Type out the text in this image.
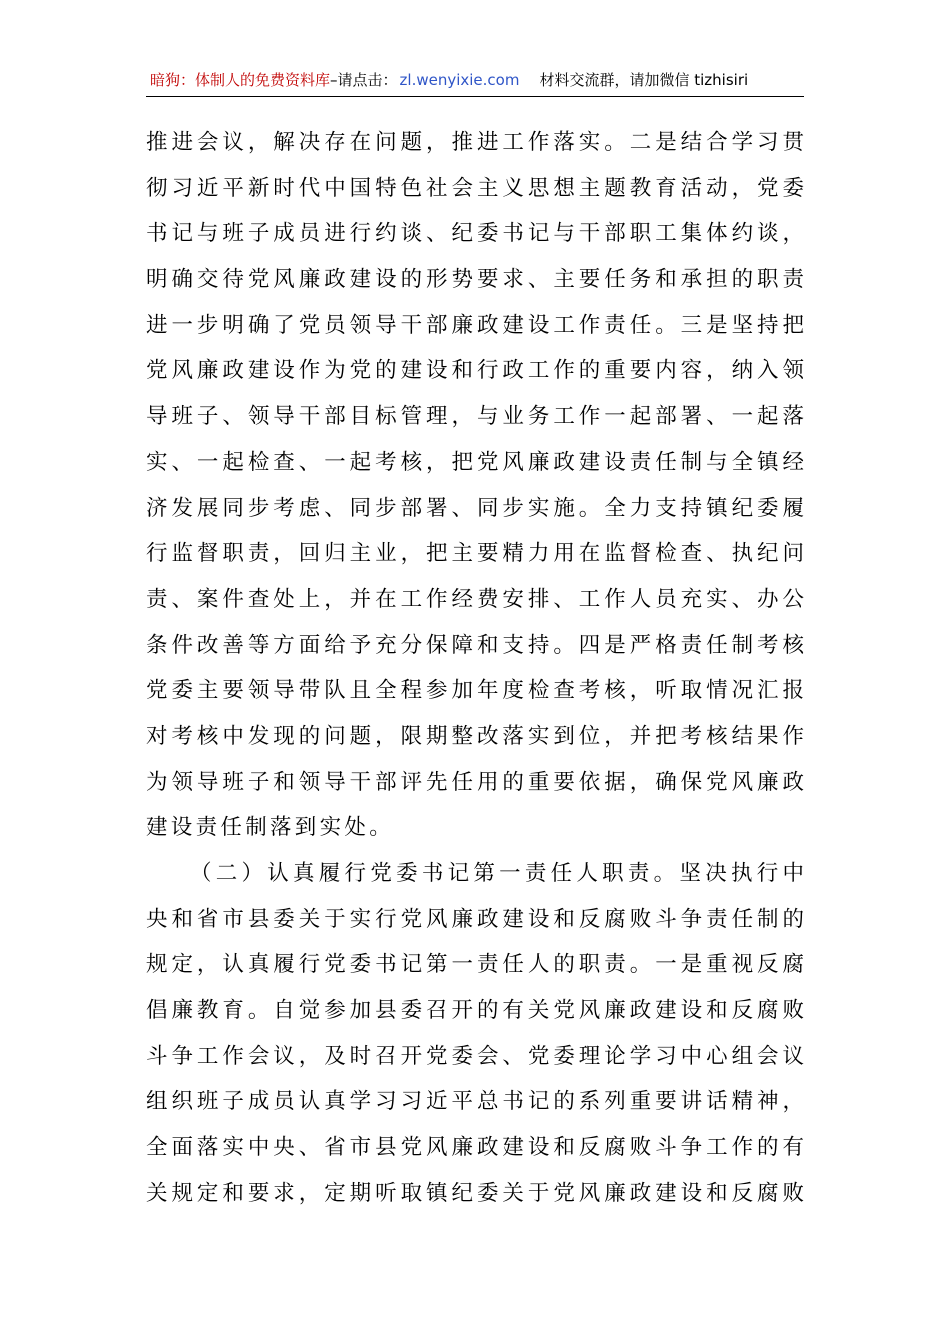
暗狗：体制人的免费资料库–请点击： zl.wenyixie.com 材料交流群，请加微信 tizhisiri
推进会议，解决存在问题，推进工作落实。二是结合学习贯
彻习近平新时代中国特色社会主义思想主题教育活动，党委
书记与班子成员进行约谈、纪委书记与干部职工集体约谈，
明确交待党风廉政建设的形势要求、主要任务和承担的职责
进一步明确了党员领导干部廉政建设工作责任。三是坚持把
党风廉政建设作为党的建设和行政工作的重要内容，纳入领
导班子、领导干部目标管理，与业务工作一起部署、一起落
实、一起检查、一起考核，把党风廉政建设责任制与全镇经
济发展同步考虑、同步部署、同步实施。全力支持镇纪委履
行监督职责，回归主业，把主要精力用在监督检查、执纪问
责、案件查处上，并在工作经费安排、工作人员充实、办公
条件改善等方面给予充分保障和支持。四是严格责任制考核
党委主要领导带队且全程参加年度检查考核，听取情况汇报
对考核中发现的问题，限期整改落实到位，并把考核结果作
为领导班子和领导干部评先任用的重要依据，确保党风廉政
建设责任制落到实处。
（二）认真履行党委书记第一责任人职责。坚决执行中
央和省市县委关于实行党风廉政建设和反腐败斗争责任制的
规定，认真履行党委书记第一责任人的职责。一是重视反腐
倡廉教育。自觉参加县委召开的有关党风廉政建设和反腐败
斗争工作会议，及时召开党委会、党委理论学习中心组会议
组织班子成员认真学习习近平总书记的系列重要讲话精神，
全面落实中央、省市县党风廉政建设和反腐败斗争工作的有
关规定和要求，定期听取镇纪委关于党风廉政建设和反腐败
